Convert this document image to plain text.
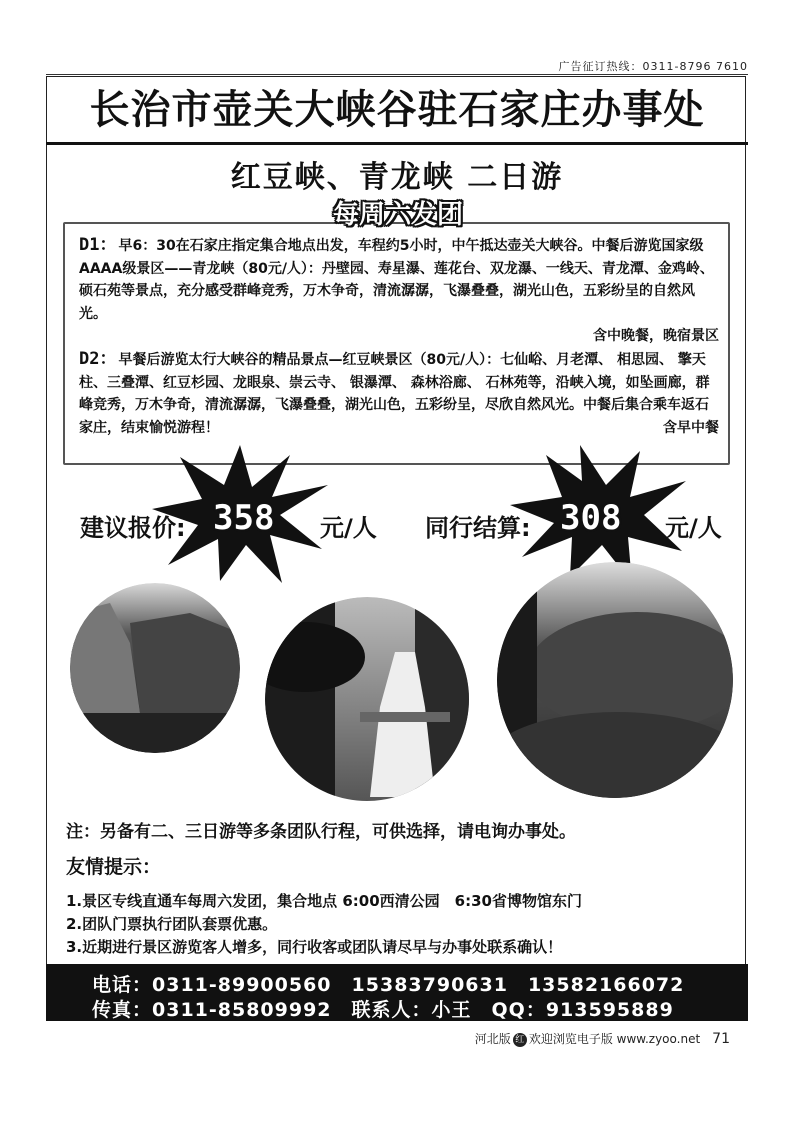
广告征订热线：0311-8796 7610
长治市壶关大峡谷驻石家庄办事处
红豆峡、青龙峡 二日游
D1： 早6：30在石家庄指定集合地点出发，车程约5小时，中午抵达壶关大峡谷。中餐后游览国家级AAAA级景区——青龙峡（80元/人）：丹壁园、寿星瀑、莲花台、双龙瀑、一线天、青龙潭、金鸡岭、硕石苑等景点，充分感受群峰竞秀，万木争奇，清流潺潺，飞瀑叠叠，湖光山色，五彩纷呈的自然风光。
含中晚餐，晚宿景区
D2： 早餐后游览太行大峡谷的精品景点—红豆峡景区（80元/人）：七仙峪、月老潭、 相思园、 擎天柱、三叠潭、红豆杉园、龙眼泉、崇云寺、 银瀑潭、 森林浴廊、 石林苑等，沿峡入境，如坠画廊，群峰竞秀，万木争奇，清流潺潺，飞瀑叠叠，湖光山色，五彩纷呈，尽欣自然风光。中餐后集合乘车返石家庄，结束愉悦游程！	含早中餐
每周六发团
建议报价: 358 元/人 同行结算: 308 元/人
注：另备有二、三日游等多条团队行程，可供选择，请电询办事处。
友情提示：
1.景区专线直通车每周六发团，集合地点 6:00西清公园　6:30省博物馆东门
2.团队门票执行团队套票优惠。
3.近期进行景区游览客人增多，同行收客或团队请尽早与办事处联系确认！
电话：0311-89900560　15383790631　13582166072
传真：0311-85809992　联系人：小王　QQ：913595889
河北版 红 欢迎浏览电子版 www.zyoo.net 71
